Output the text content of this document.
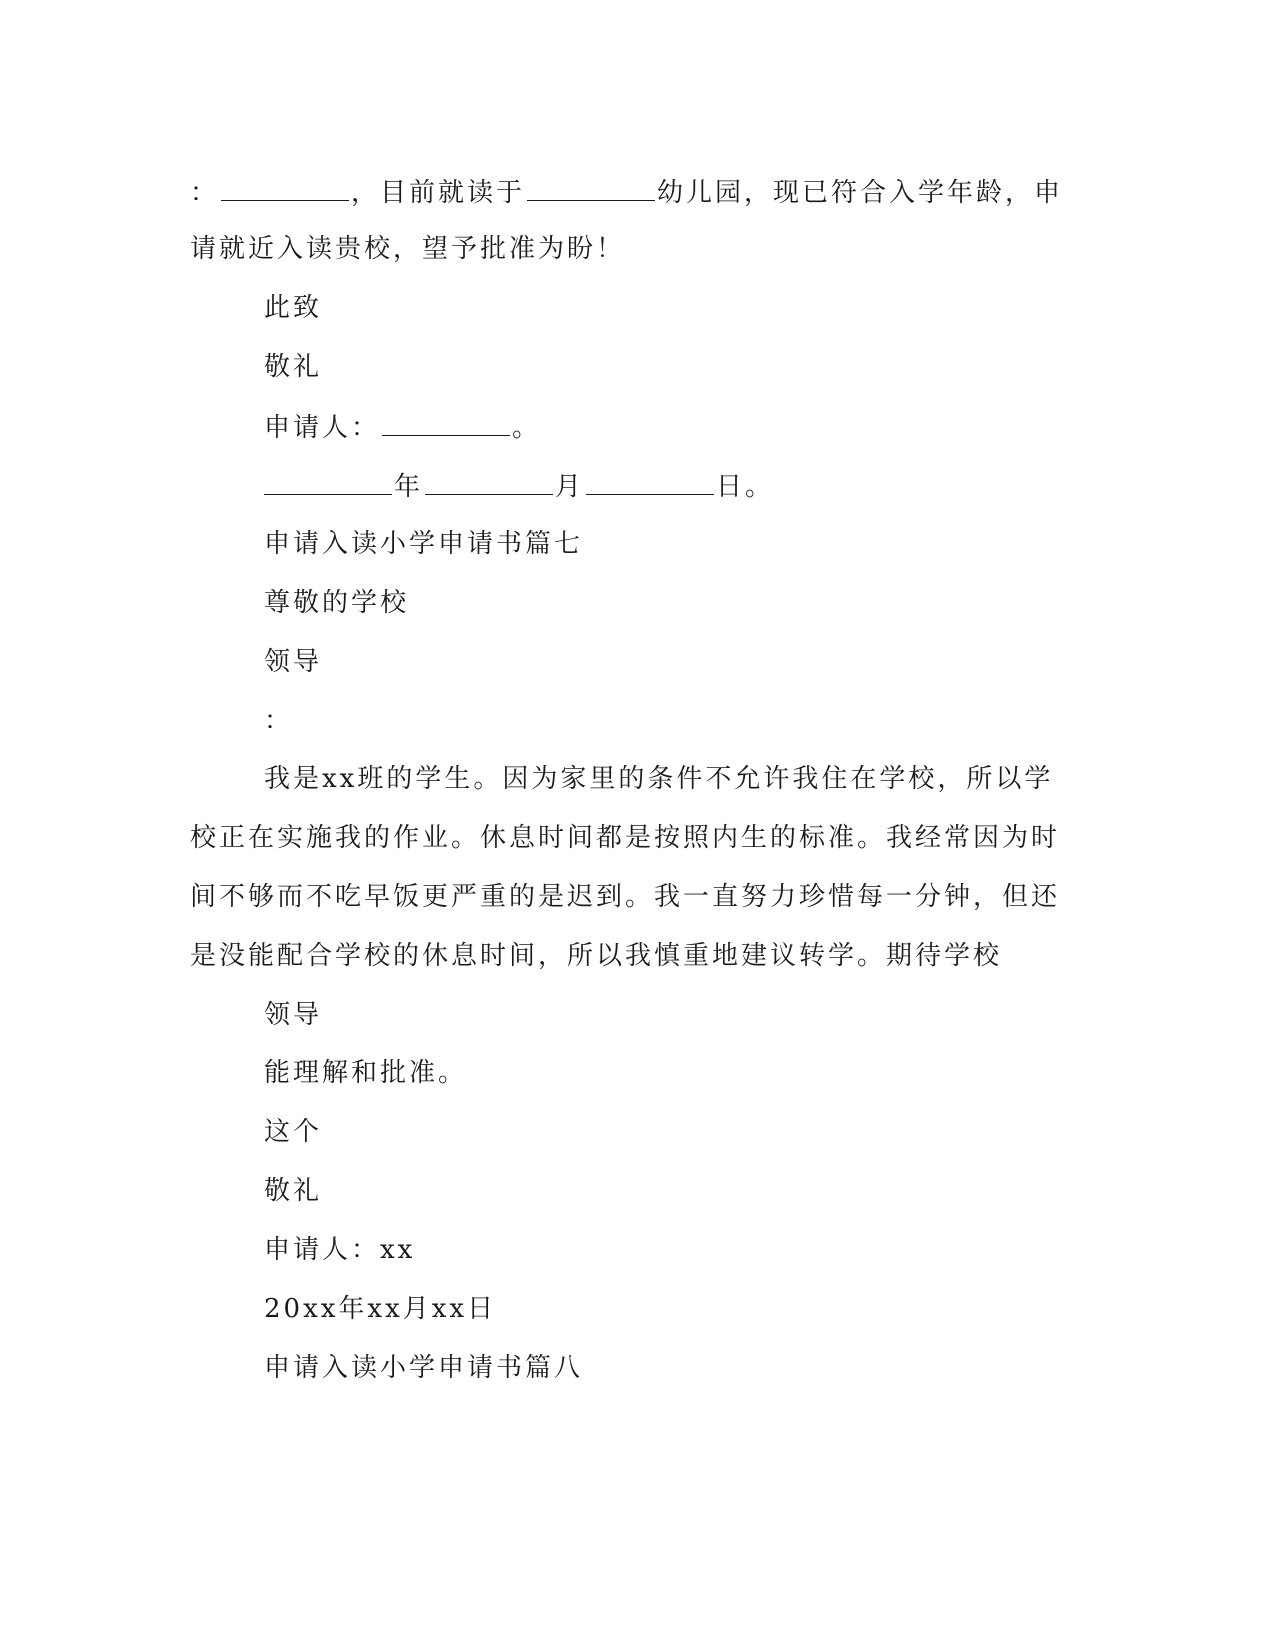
：	，目前就读于	幼儿园，现已符合入学年龄，申
请就近入读贵校，望予批准为盼！
此致
敬礼
申请人：	。
年	月	日。
申请入读小学申请书篇七
尊敬的学校
领导
：
我是xx班的学生。因为家里的条件不允许我住在学校，所以学
校正在实施我的作业。休息时间都是按照内生的标准。我经常因为时
间不够而不吃早饭更严重的是迟到。我一直努力珍惜每一分钟，但还
是没能配合学校的休息时间，所以我慎重地建议转学。期待学校
领导
能理解和批准。
这个
敬礼
申请人：xx
20xx年xx月xx日
申请入读小学申请书篇八
